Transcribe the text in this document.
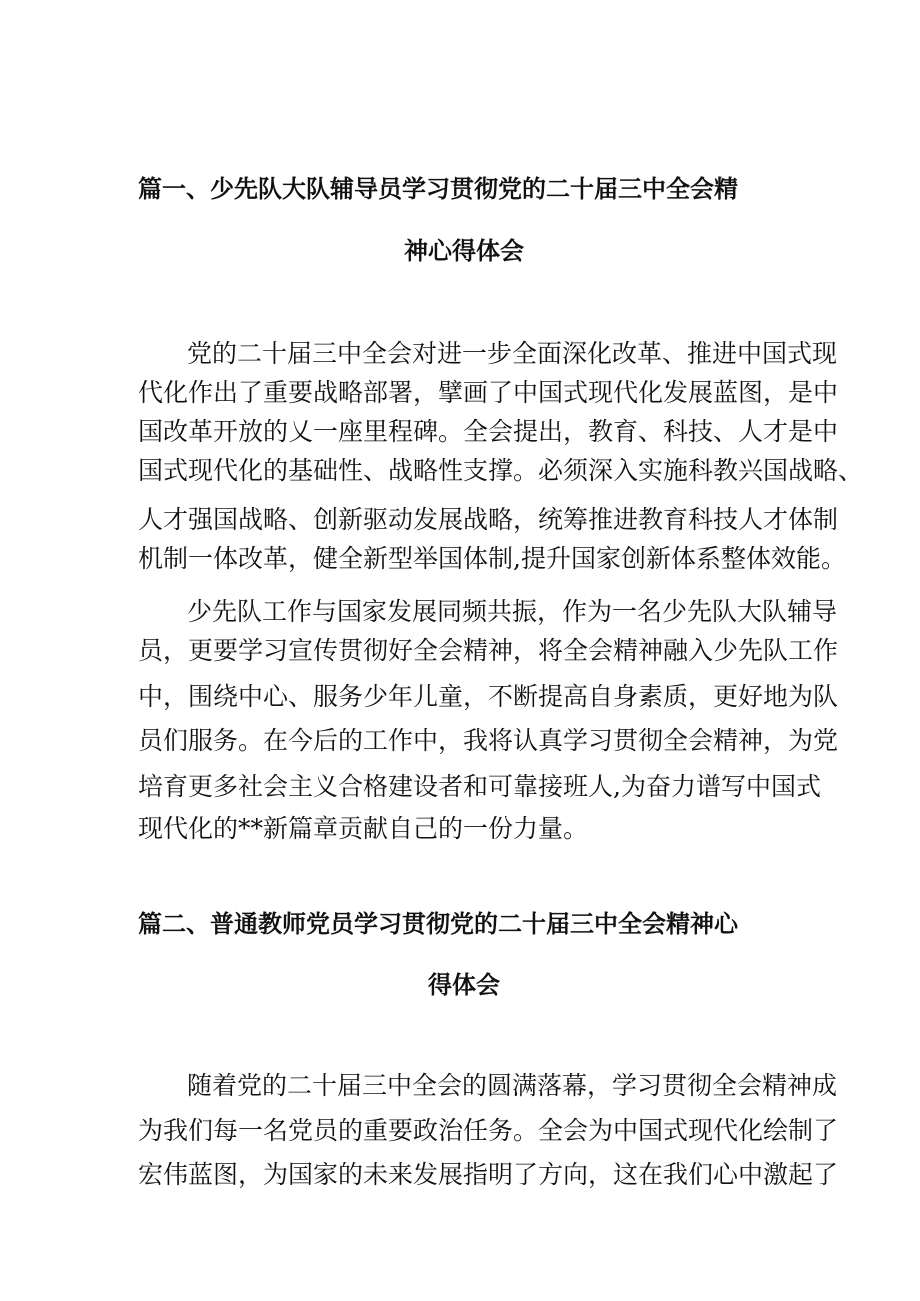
篇一、少先队大队辅导员学习贯彻党的二十届三中全会精
神心得体会
党的二十届三中全会对进一步全面深化改革、推进中国式现
代化作出了重要战略部署，擘画了中国式现代化发展蓝图，是中
国改革开放的乂一座里程碑。全会提出，教育、科技、人才是中
国式现代化的基础性、战略性支撑。必须深入实施科教兴国战略、
人才强国战略、创新驱动发展战略，统筹推进教育科技人才体制
机制一体改革，健全新型举国体制,提升国家创新体系整体效能。
少先队工作与国家发展同频共振，作为一名少先队大队辅导
员，更要学习宣传贯彻好全会精神，将全会精神融入少先队工作
中，围绕中心、服务少年儿童，不断提高自身素质，更好地为队
员们服务。在今后的工作中，我将认真学习贯彻全会精神，为党
培育更多社会主义合格建设者和可靠接班人,为奋力谱写中国式
现代化的**新篇章贡献自己的一份力量。
篇二、普通教师党员学习贯彻党的二十届三中全会精神心
得体会
随着党的二十届三中全会的圆满落幕，学习贯彻全会精神成
为我们每一名党员的重要政治任务。全会为中国式现代化绘制了
宏伟蓝图，为国家的未来发展指明了方向，这在我们心中激起了
